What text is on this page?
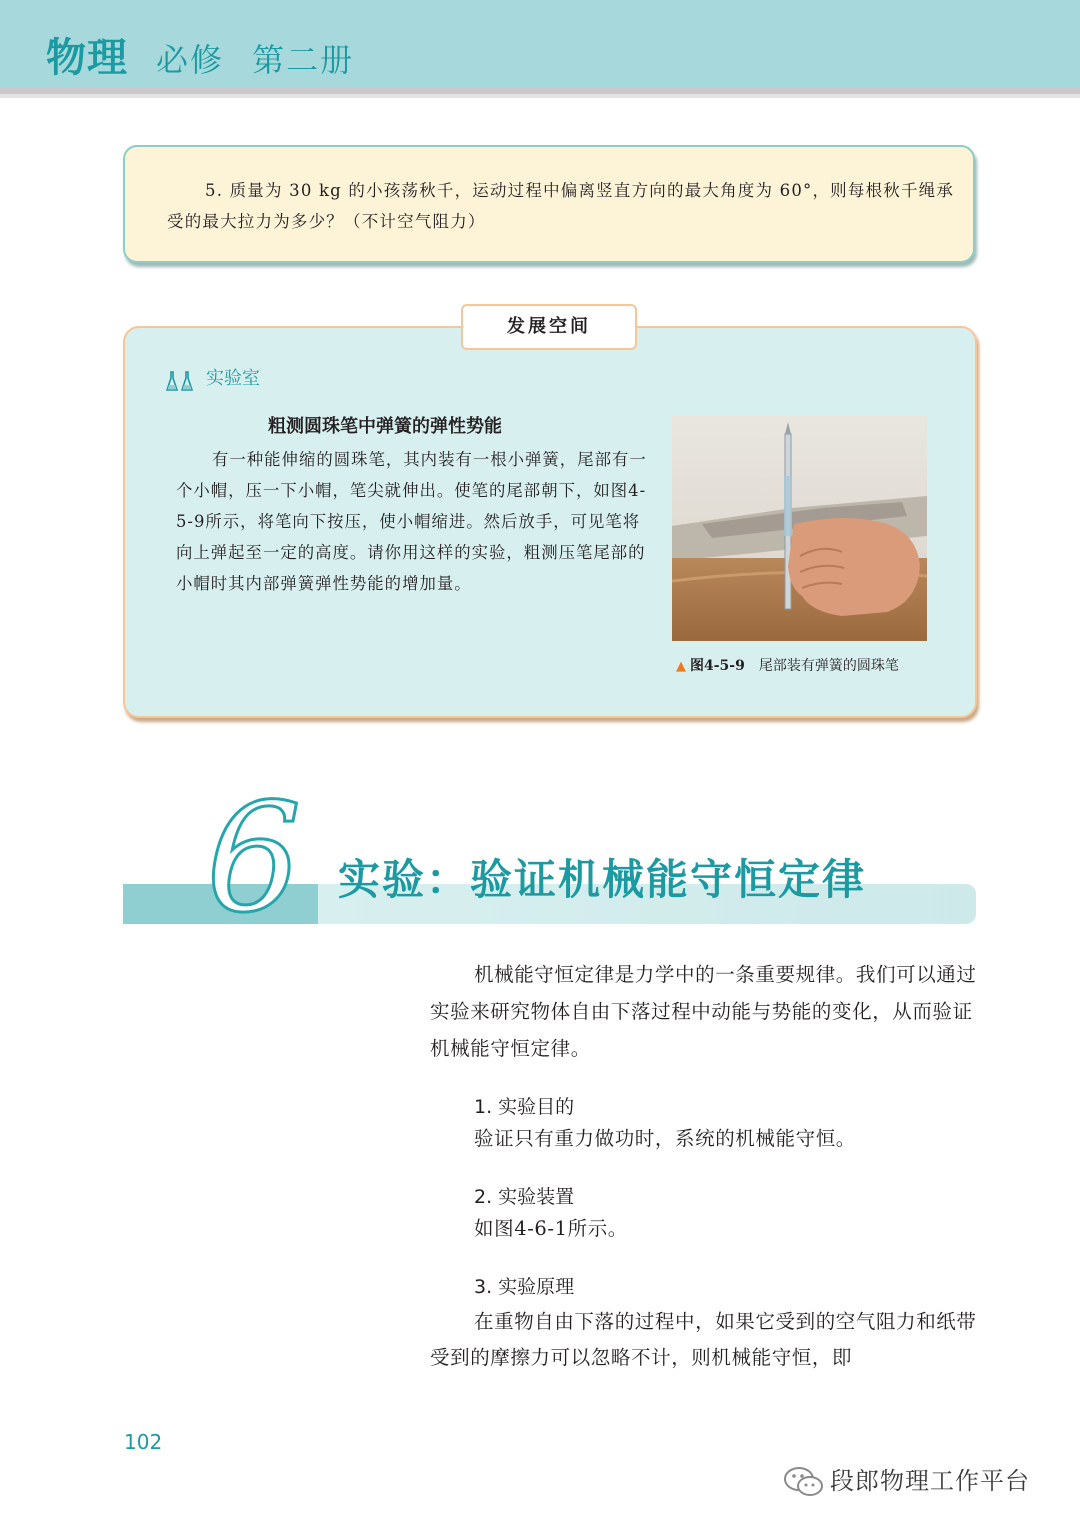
物理 必修 第二册
5. 质量为 30 kg 的小孩荡秋千，运动过程中偏离竖直方向的最大角度为 60°，则每根秋千绳承受的最大拉力为多少？（不计空气阻力）
发展空间
实验室
粗测圆珠笔中弹簧的弹性势能
有一种能伸缩的圆珠笔，其内装有一根小弹簧，尾部有一个小帽，压一下小帽，笔尖就伸出。使笔的尾部朝下，如图4-5-9所示，将笔向下按压，使小帽缩进。然后放手，可见笔将向上弹起至一定的高度。请你用这样的实验，粗测压笔尾部的小帽时其内部弹簧弹性势能的增加量。
▲ 图4-5-9 尾部装有弹簧的圆珠笔
6 实验：验证机械能守恒定律
机械能守恒定律是力学中的一条重要规律。我们可以通过实验来研究物体自由下落过程中动能与势能的变化，从而验证机械能守恒定律。
1. 实验目的
验证只有重力做功时，系统的机械能守恒。
2. 实验装置
如图4-6-1所示。
3. 实验原理
在重物自由下落的过程中，如果它受到的空气阻力和纸带受到的摩擦力可以忽略不计，则机械能守恒，即
102
段郎物理工作平台
